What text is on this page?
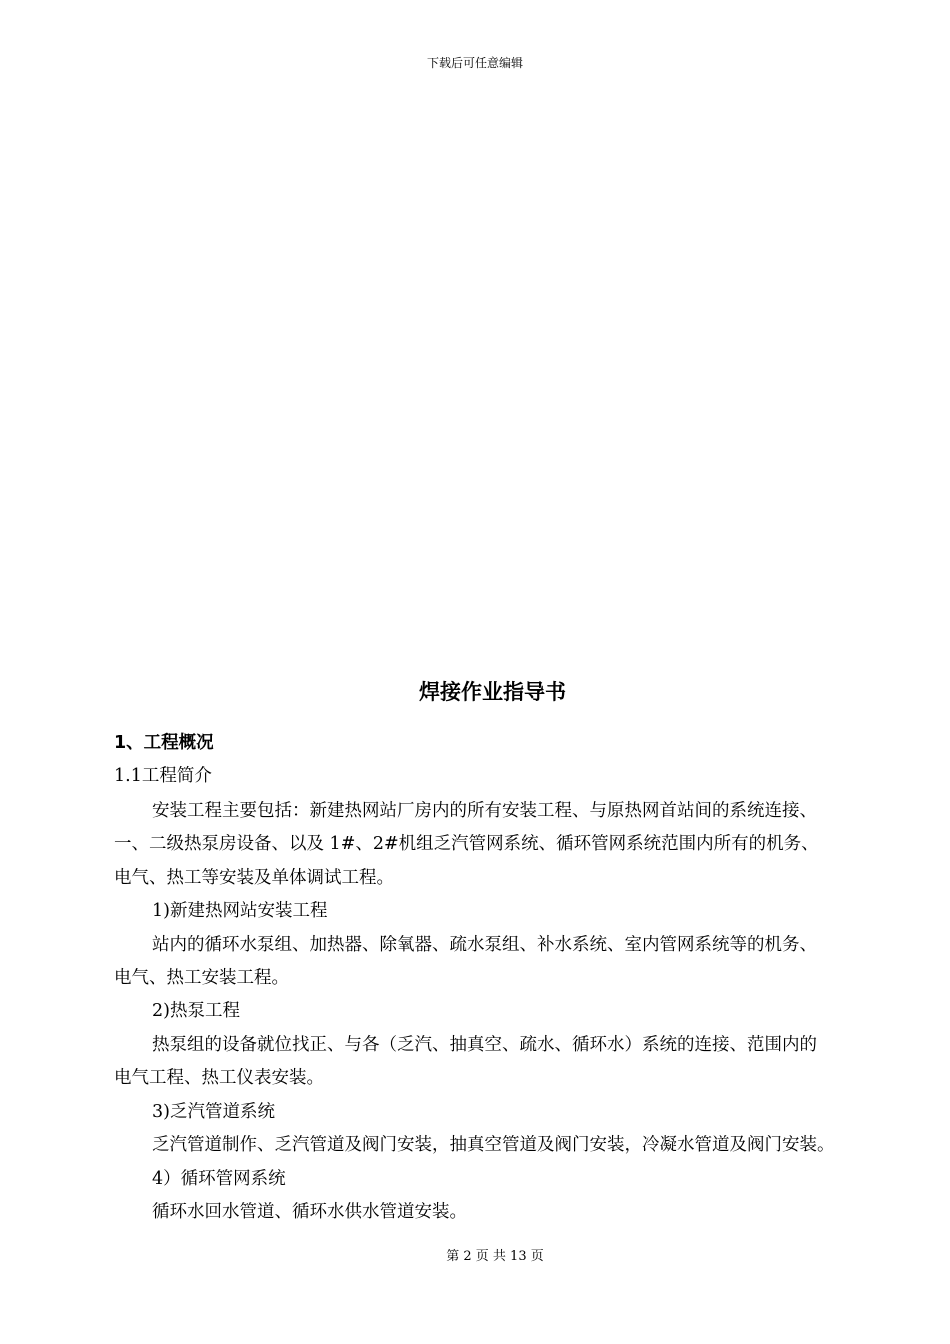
下载后可任意编辑
焊接作业指导书
1、工程概况
1.1工程简介
安装工程主要包括：新建热网站厂房内的所有安装工程、与原热网首站间的系统连接、
一、二级热泵房设备、以及 1#、2#机组乏汽管网系统、循环管网系统范围内所有的机务、
电气、热工等安装及单体调试工程。
1)新建热网站安装工程
站内的循环水泵组、加热器、除氧器、疏水泵组、补水系统、室内管网系统等的机务、
电气、热工安装工程。
2)热泵工程
热泵组的设备就位找正、与各（乏汽、抽真空、疏水、循环水）系统的连接、范围内的
电气工程、热工仪表安装。
3)乏汽管道系统
乏汽管道制作、乏汽管道及阀门安装，抽真空管道及阀门安装，冷凝水管道及阀门安装。
4）循环管网系统
循环水回水管道、循环水供水管道安装。
第 2 页 共 13 页
